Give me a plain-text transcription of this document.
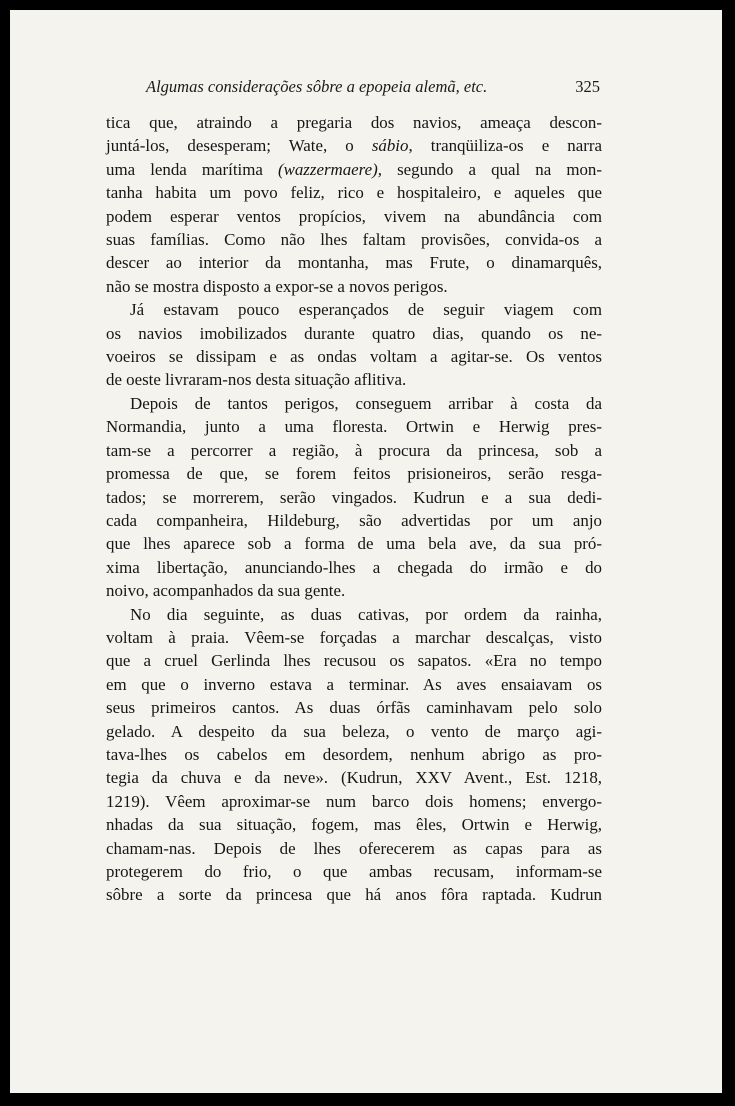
Algumas considerações sôbre a epopeia alemã, etc.	325

tica que, atraindo a pregaria dos navios, ameaça descon-
juntá-los, desesperam; Wate, o sábio, tranqüiliza-os e narra
uma lenda marítima (wazzermaere), segundo a qual na mon-
tanha habita um povo feliz, rico e hospitaleiro, e aqueles que
podem esperar ventos propícios, vivem na abundância com
suas famílias. Como não lhes faltam provisões, convida-os a
descer ao interior da montanha, mas Frute, o dinamarquês,
não se mostra disposto a expor-se a novos perigos.

Já estavam pouco esperançados de seguir viagem com
os navios imobilizados durante quatro dias, quando os ne-
voeiros se dissipam e as ondas voltam a agitar-se. Os ventos
de oeste livraram-nos desta situação aflitiva.

Depois de tantos perigos, conseguem arribar à costa da
Normandia, junto a uma floresta. Ortwin e Herwig pres-
tam-se a percorrer a região, à procura da princesa, sob a
promessa de que, se forem feitos prisioneiros, serão resga-
tados; se morrerem, serão vingados. Kudrun e a sua dedi-
cada companheira, Hildeburg, são advertidas por um anjo
que lhes aparece sob a forma de uma bela ave, da sua pró-
xima libertação, anunciando-lhes a chegada do irmão e do
noivo, acompanhados da sua gente.

No dia seguinte, as duas cativas, por ordem da rainha,
voltam à praia. Vêem-se forçadas a marchar descalças, visto
que a cruel Gerlinda lhes recusou os sapatos. «Era no tempo
em que o inverno estava a terminar. As aves ensaiavam os
seus primeiros cantos. As duas órfãs caminhavam pelo solo
gelado. A despeito da sua beleza, o vento de março agi-
tava-lhes os cabelos em desordem, nenhum abrigo as pro-
tegia da chuva e da neve». (Kudrun, XXV Avent., Est. 1218,
1219). Vêem aproximar-se num barco dois homens; envergo-
nhadas da sua situação, fogem, mas êles, Ortwin e Herwig,
chamam-nas. Depois de lhes oferecerem as capas para as
protegerem do frio, o que ambas recusam, informam-se
sôbre a sorte da princesa que há anos fôra raptada. Kudrun
